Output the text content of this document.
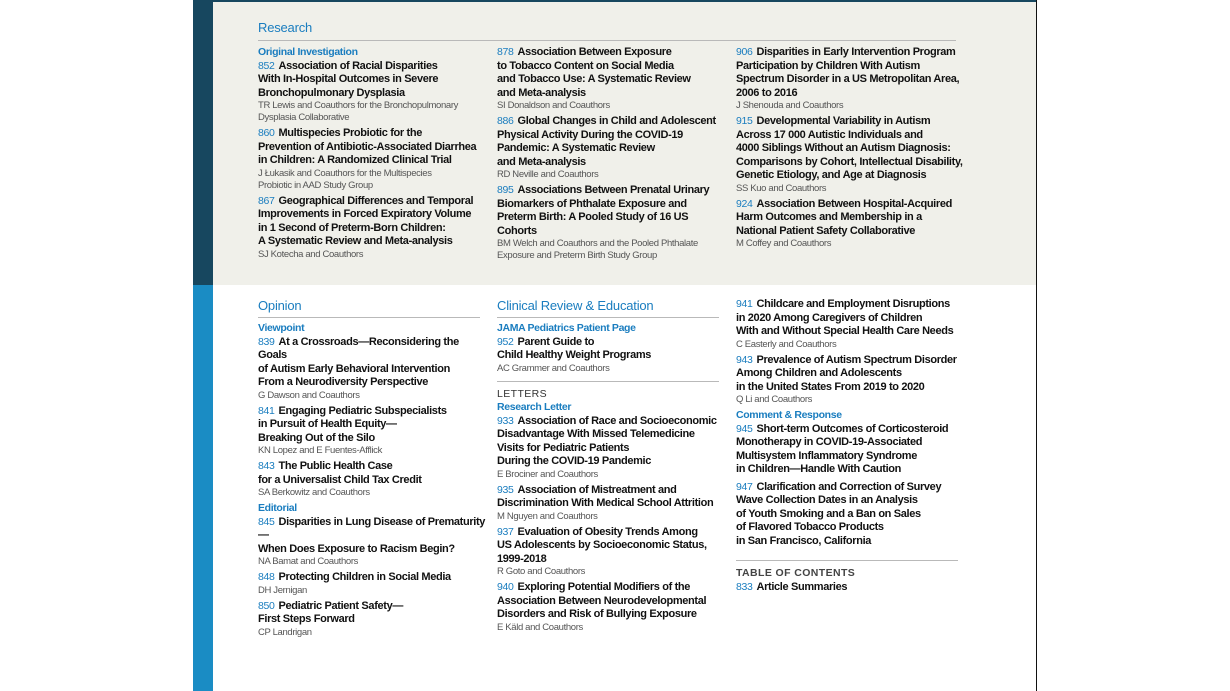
Research
Original Investigation
852 Association of Racial Disparities
With In-Hospital Outcomes in Severe
Bronchopulmonary Dysplasia
TR Lewis and Coauthors for the Bronchopulmonary
Dysplasia Collaborative
860 Multispecies Probiotic for the
Prevention of Antibiotic-Associated Diarrhea
in Children: A Randomized Clinical Trial
J Łukasik and Coauthors for the Multispecies
Probiotic in AAD Study Group
867 Geographical Differences and Temporal
Improvements in Forced Expiratory Volume
in 1 Second of Preterm-Born Children:
A Systematic Review and Meta-analysis
SJ Kotecha and Coauthors
878 Association Between Exposure
to Tobacco Content on Social Media
and Tobacco Use: A Systematic Review
and Meta-analysis
SI Donaldson and Coauthors
886 Global Changes in Child and Adolescent
Physical Activity During the COVID-19
Pandemic: A Systematic Review
and Meta-analysis
RD Neville and Coauthors
895 Associations Between Prenatal Urinary
Biomarkers of Phthalate Exposure and
Preterm Birth: A Pooled Study of 16 US Cohorts
BM Welch and Coauthors and the Pooled Phthalate
Exposure and Preterm Birth Study Group
906 Disparities in Early Intervention Program
Participation by Children With Autism
Spectrum Disorder in a US Metropolitan Area,
2006 to 2016
J Shenouda and Coauthors
915 Developmental Variability in Autism
Across 17 000 Autistic Individuals and
4000 Siblings Without an Autism Diagnosis:
Comparisons by Cohort, Intellectual Disability,
Genetic Etiology, and Age at Diagnosis
SS Kuo and Coauthors
924 Association Between Hospital-Acquired
Harm Outcomes and Membership in a
National Patient Safety Collaborative
M Coffey and Coauthors
Opinion
Viewpoint
839 At a Crossroads—Reconsidering the Goals
of Autism Early Behavioral Intervention
From a Neurodiversity Perspective
G Dawson and Coauthors
841 Engaging Pediatric Subspecialists
in Pursuit of Health Equity—
Breaking Out of the Silo
KN Lopez and E Fuentes-Afflick
843 The Public Health Case
for a Universalist Child Tax Credit
SA Berkowitz and Coauthors
Editorial
845 Disparities in Lung Disease of Prematurity—
When Does Exposure to Racism Begin?
NA Bamat and Coauthors
848 Protecting Children in Social Media
DH Jernigan
850 Pediatric Patient Safety—
First Steps Forward
CP Landrigan
Clinical Review & Education
JAMA Pediatrics Patient Page
952 Parent Guide to
Child Healthy Weight Programs
AC Grammer and Coauthors
LETTERS
Research Letter
933 Association of Race and Socioeconomic
Disadvantage With Missed Telemedicine
Visits for Pediatric Patients
During the COVID-19 Pandemic
E Brociner and Coauthors
935 Association of Mistreatment and
Discrimination With Medical School Attrition
M Nguyen and Coauthors
937 Evaluation of Obesity Trends Among
US Adolescents by Socioeconomic Status,
1999-2018
R Goto and Coauthors
940 Exploring Potential Modifiers of the
Association Between Neurodevelopmental
Disorders and Risk of Bullying Exposure
E Käld and Coauthors
941 Childcare and Employment Disruptions
in 2020 Among Caregivers of Children
With and Without Special Health Care Needs
C Easterly and Coauthors
943 Prevalence of Autism Spectrum Disorder
Among Children and Adolescents
in the United States From 2019 to 2020
Q Li and Coauthors
Comment & Response
945 Short-term Outcomes of Corticosteroid
Monotherapy in COVID-19-Associated
Multisystem Inflammatory Syndrome
in Children—Handle With Caution
947 Clarification and Correction of Survey
Wave Collection Dates in an Analysis
of Youth Smoking and a Ban on Sales
of Flavored Tobacco Products
in San Francisco, California
TABLE OF CONTENTS
833 Article Summaries
